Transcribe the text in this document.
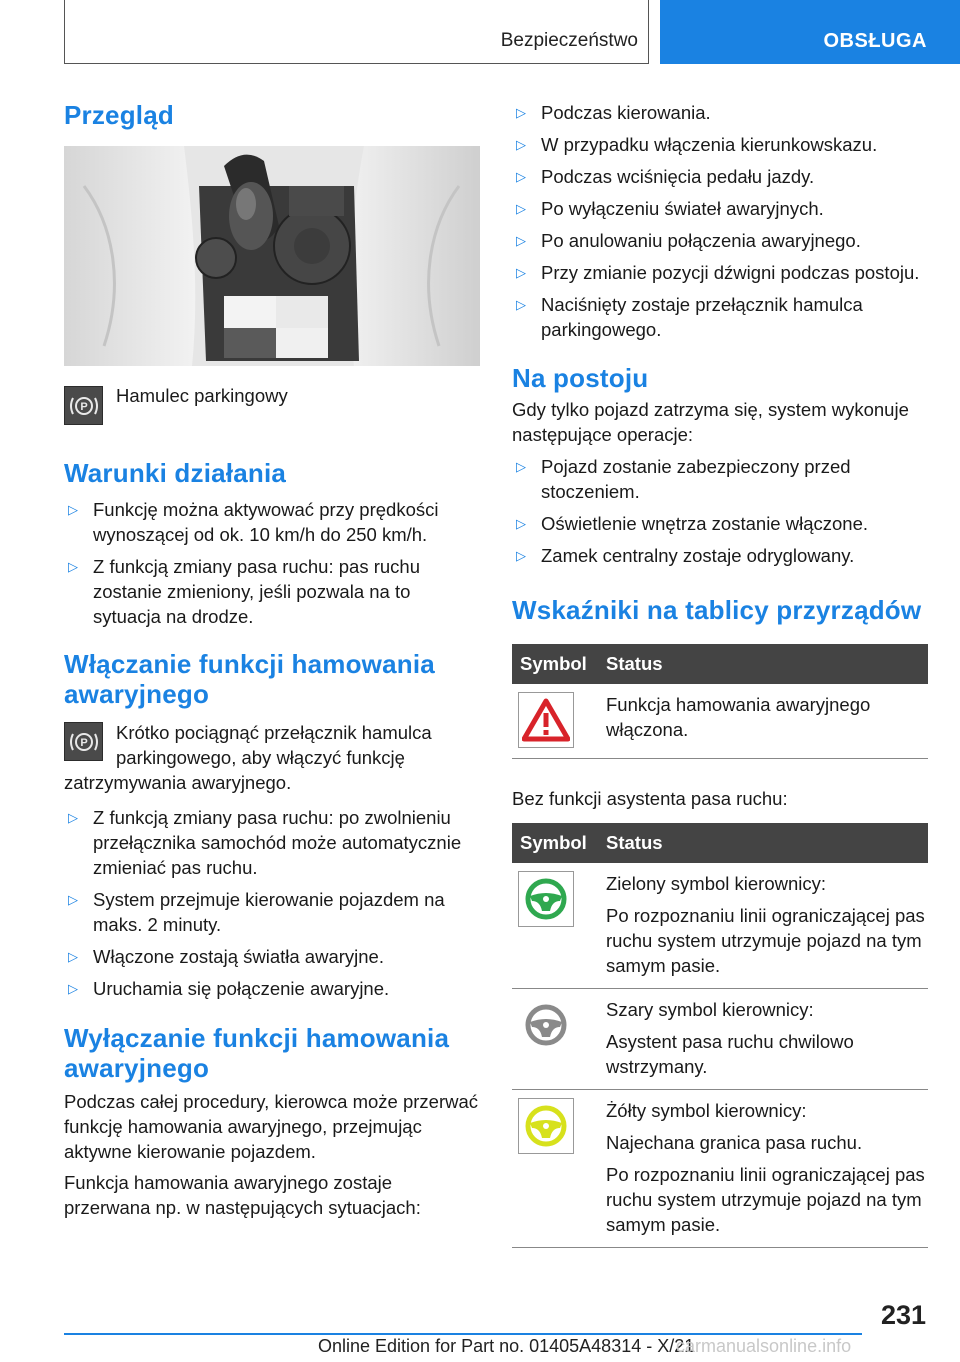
Bezpieczeństwo	OBSŁUGA
Przegląd
P

Hamulec parkingowy

Warunki działania
▷ Funkcję można aktywować przy prędkości wynoszącej od ok. 10 km/h do 250 km/h.
▷ Z funkcją zmiany pasa ruchu: pas ruchu zostanie zmieniony, jeśli pozwala na to sytuacja na drodze.
Włączanie funkcji hamowania awaryjnego
P	Krótko pociągnąć przełącznik hamulca parkingowego, aby włączyć funkcję zatrzymywania awaryjnego.

▷ Z funkcją zmiany pasa ruchu: po zwolnieniu przełącznika samochód może automatycznie zmieniać pas ruchu.
▷ System przejmuje kierowanie pojazdem na maks. 2 minuty.
▷ Włączone zostają światła awaryjne.
▷ Uruchamia się połączenie awaryjne.
Wyłączanie funkcji hamowania awaryjnego

Podczas całej procedury, kierowca może przerwać funkcję hamowania awaryjnego, przejmując aktywne kierowanie pojazdem.

Funkcja hamowania awaryjnego zostaje przerwana np. w następujących sytuacjach:

▷ Podczas kierowania.
▷ W przypadku włączenia kierunkowskazu.
▷ Podczas wciśnięcia pedału jazdy.
▷ Po wyłączeniu świateł awaryjnych.
▷ Po anulowaniu połączenia awaryjnego.
▷ Przy zmianie pozycji dźwigni podczas postoju.
▷ Naciśnięty zostaje przełącznik hamulca parkingowego.
Na postoju

Gdy tylko pojazd zatrzyma się, system wykonuje następujące operacje:

▷ Pojazd zostanie zabezpieczony przed stoczeniem.
▷ Oświetlenie wnętrza zostanie włączone.
▷ Zamek centralny zostaje odryglowany.
Wskaźniki na tablicy przyrządów
Symbol	Status

Funkcja hamowania awaryjnego włączona.

Bez funkcji asystenta pasa ruchu:

Symbol	Status

Zielony symbol kierownicy:

Po rozpoznaniu linii ograniczającej pas ruchu system utrzymuje pojazd na tym samym pasie.

Szary symbol kierownicy:

Asystent pasa ruchu chwilowo wstrzymany.

Żółty symbol kierownicy:

Najechana granica pasa ruchu.

Po rozpoznaniu linii ograniczającej pas ruchu system utrzymuje pojazd na tym samym pasie.

231
Online Edition for Part no. 01405A48314 - X/21
carmanualsonline.info
